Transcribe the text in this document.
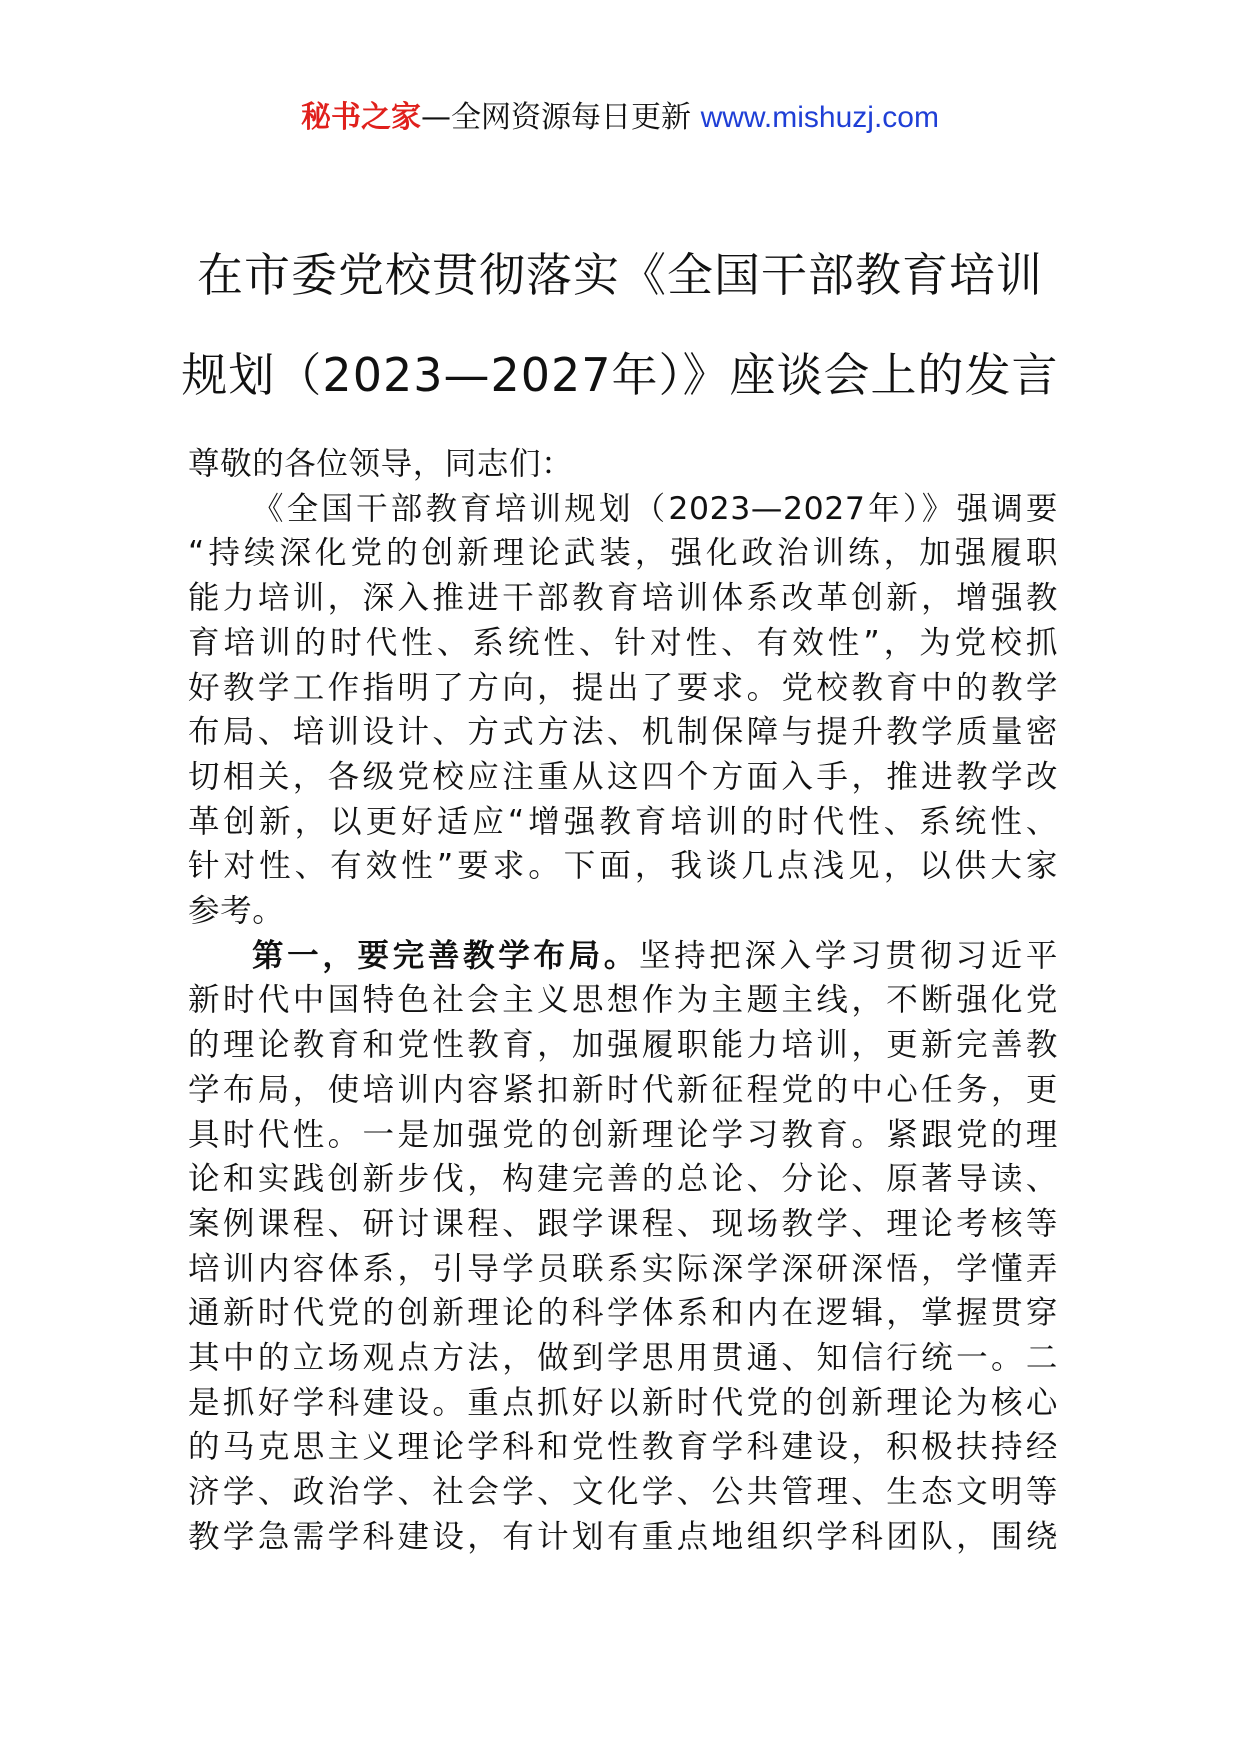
秘书之家—全网资源每日更新 www.mishuzj.com
在市委党校贯彻落实《全国干部教育培训
规划（2023—2027年）》座谈会上的发言
尊敬的各位领导，同志们：
《全国干部教育培训规划（2023—2027年）》强调要
“持续深化党的创新理论武装，强化政治训练，加强履职
能力培训，深入推进干部教育培训体系改革创新，增强教
育培训的时代性、系统性、针对性、有效性”，为党校抓
好教学工作指明了方向，提出了要求。党校教育中的教学
布局、培训设计、方式方法、机制保障与提升教学质量密
切相关，各级党校应注重从这四个方面入手，推进教学改
革创新，以更好适应“增强教育培训的时代性、系统性、
针对性、有效性”要求。下面，我谈几点浅见，以供大家
参考。
第一，要完善教学布局。坚持把深入学习贯彻习近平
新时代中国特色社会主义思想作为主题主线，不断强化党
的理论教育和党性教育，加强履职能力培训，更新完善教
学布局，使培训内容紧扣新时代新征程党的中心任务，更
具时代性。一是加强党的创新理论学习教育。紧跟党的理
论和实践创新步伐，构建完善的总论、分论、原著导读、
案例课程、研讨课程、跟学课程、现场教学、理论考核等
培训内容体系，引导学员联系实际深学深研深悟，学懂弄
通新时代党的创新理论的科学体系和内在逻辑，掌握贯穿
其中的立场观点方法，做到学思用贯通、知信行统一。二
是抓好学科建设。重点抓好以新时代党的创新理论为核心
的马克思主义理论学科和党性教育学科建设，积极扶持经
济学、政治学、社会学、文化学、公共管理、生态文明等
教学急需学科建设，有计划有重点地组织学科团队，围绕
